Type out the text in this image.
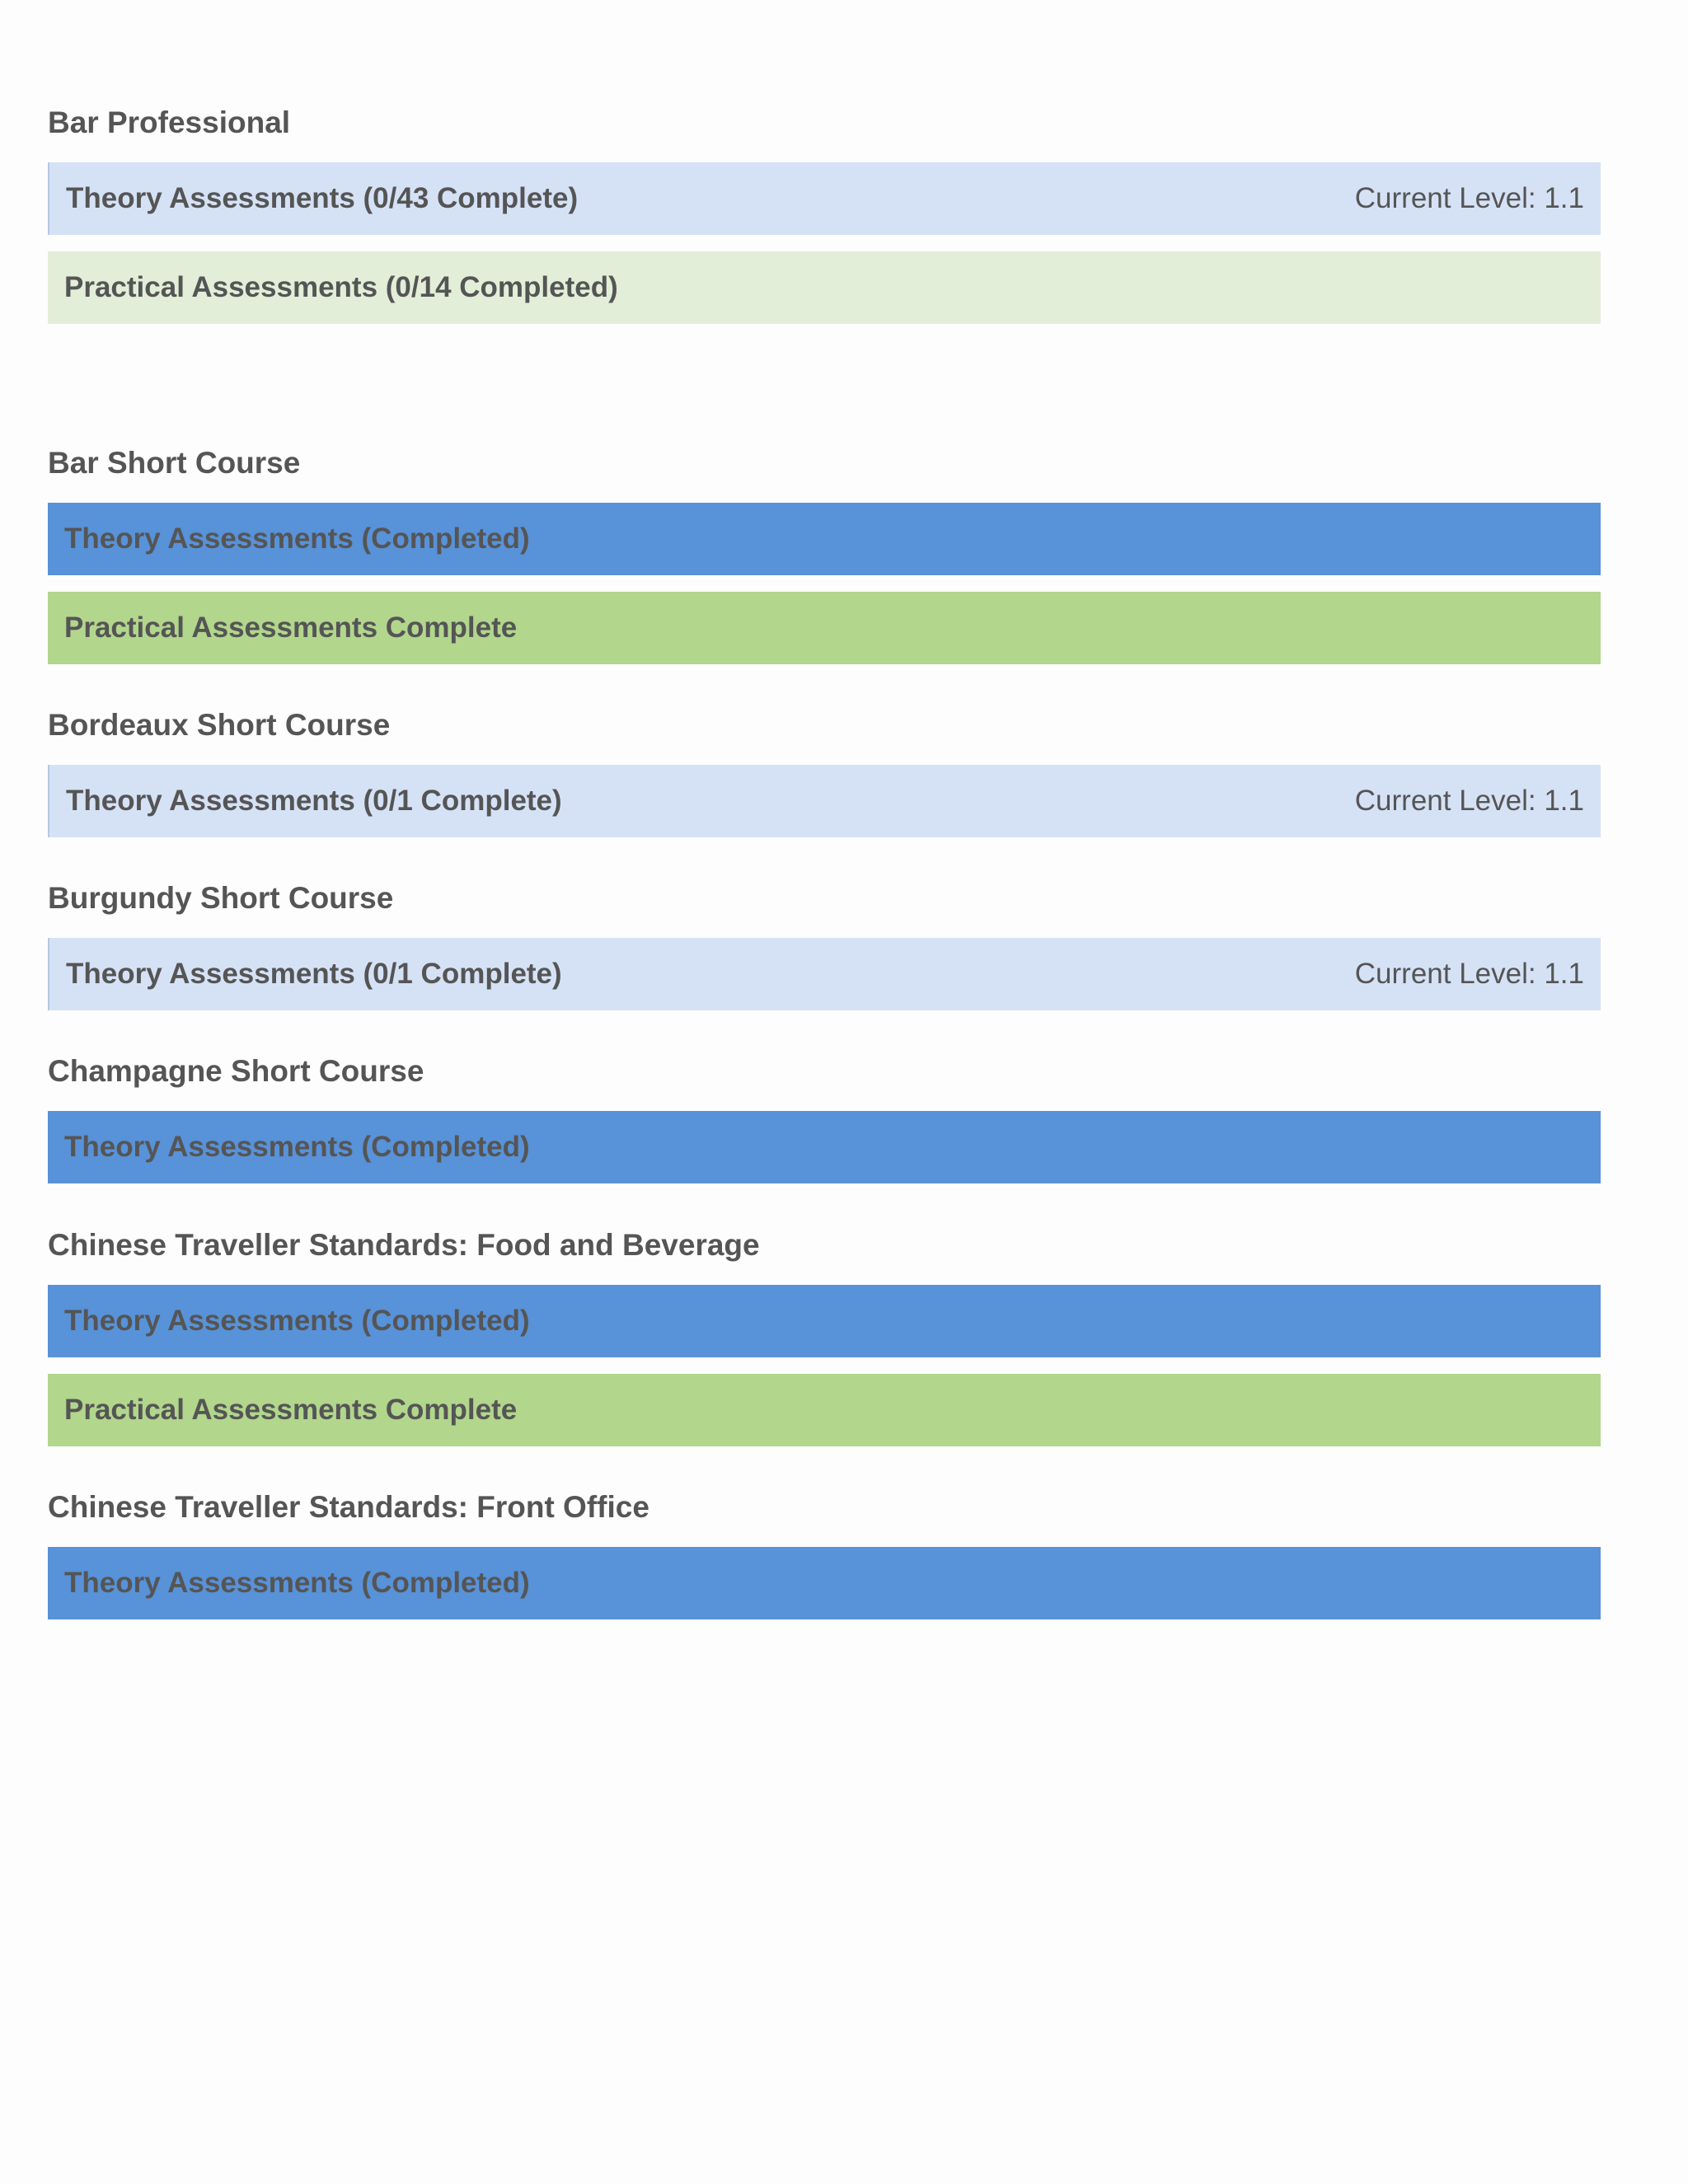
Bar Professional
Theory Assessments (0/43 Complete)	Current Level: 1.1
Practical Assessments (0/14 Completed)
Bar Short Course
Theory Assessments (Completed)
Practical Assessments Complete
Bordeaux Short Course
Theory Assessments (0/1 Complete)	Current Level: 1.1
Burgundy Short Course
Theory Assessments (0/1 Complete)	Current Level: 1.1
Champagne Short Course
Theory Assessments (Completed)
Chinese Traveller Standards: Food and Beverage
Theory Assessments (Completed)
Practical Assessments Complete
Chinese Traveller Standards: Front Office
Theory Assessments (Completed)
